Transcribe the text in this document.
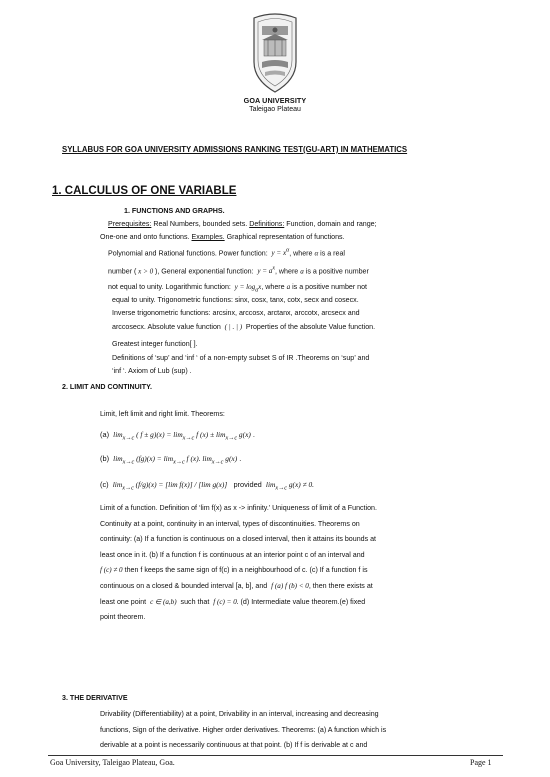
GOA UNIVERSITY
Taleigao Plateau
SYLLABUS FOR GOA UNIVERSITY ADMISSIONS RANKING TEST(GU-ART) IN MATHEMATICS
1. CALCULUS OF ONE VARIABLE
1. FUNCTIONS AND GRAPHS.
Prerequisites: Real Numbers, bounded sets. Definitions: Function, domain and range;
One-one and onto functions. Examples. Graphical representation of functions.
Polynomial and Rational functions. Power function:  $y = x^\alpha$, where α is a real
number ( x > 0 ), General exponential function:  $y = a^x$, where a is a positive number
not equal to unity. Logarithmic function:  $y = \log_ax$, where a is a positive number not
equal to unity. Trigonometric functions: sinx, cosx, tanx, cotx, secx and cosecx.
Inverse trigonometric functions: arcsinx, arccosx, arctanx, arccotx, arcsecx and
arccosecx. Absolute value function  ( | . | )  Properties of the absolute Value function.
Greatest integer function[ ].
Definitions of ‘sup’ and ‘inf ‘ of a non-empty subset S of IR .Theorems on ‘sup’ and
‘inf ‘. Axiom of Lub (sup) .
2. LIMIT AND CONTINUITY.
Limit, left limit and right limit. Theorems:
(a)  $\lim_{x\to c}$ ( $f \pm g)(x) = \lim_{x\to c} f$ $(x) \pm \lim_{x\to c} g(x)$ .
(b)  $\lim_{x\to c} (fg)(x) = \lim_{x\to c} f$ (x). $\lim_{x\to c} g(x)$ .
(c)  $\lim_{x\to c} (f/g)(x) = [\lim$ f(x)] / [lim g(x)] provided $\lim_{x\to c} g(x) \ne 0$.
Limit of a function. Definition of ‘lim f(x) as x -> infinity.’ Uniqueness of limit of a Function.
Continuity at a point, continuity in an interval, types of discontinuities. Theorems on
continuity: (a) If a function is continuous on a closed interval, then it attains its bounds at
least once in it. (b) If a function f is continuous at an interior point c of an interval and
f (c) ≠ 0 then f keeps the same sign of f(c) in a neighbourhood of c. (c) If a function f is
continuous on a closed & bounded interval [a, b], and f (a) f (b) < 0, then there exists at
least one point c ∈ (a,b) such that f (c) = 0. (d) Intermediate value theorem.(e) fixed
point theorem.
3. THE DERIVATIVE
Drivability (Differentiability) at a point, Drivability in an interval, increasing and decreasing
functions, Sign of the derivative. Higher order derivatives. Theorems: (a) A function which is
derivable at a point is necessarily continuous at that point. (b) If f is derivable at c and
Goa University, Taleigao Plateau, Goa.	Page 1
